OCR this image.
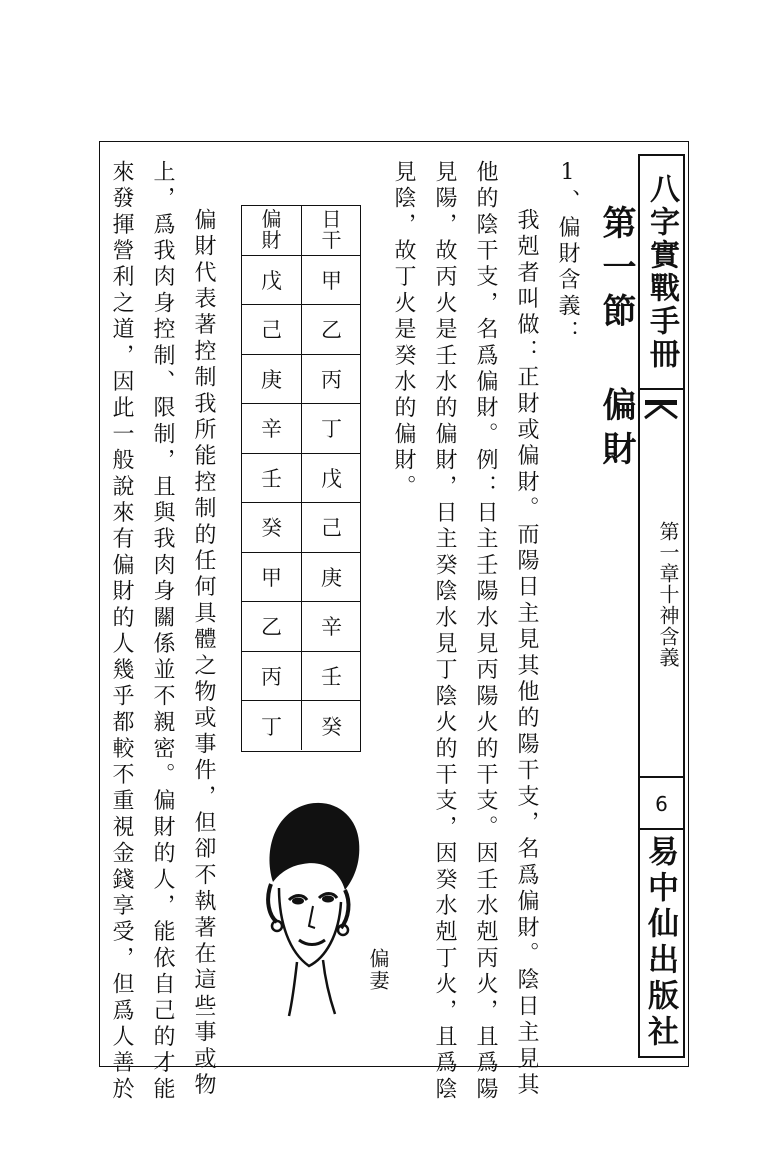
八字實戰手冊
第一章十神含義
6
易中仙出版社
第一節 偏財
1、偏財含義：
我剋者叫做：正財或偏財。而陽日主見其他的陽干支，名爲偏財。陰日主見其
他的陰干支，名爲偏財。例：日主壬陽水見丙陽火的干支。因壬水剋丙火，且爲陽
見陽，故丙火是壬水的偏財，日主癸陰水見丁陰火的干支，因癸水剋丁火，且爲陰
見陰，故丁火是癸水的偏財。
日
干
甲
乙
丙
丁
戊
己
庚
辛
壬
癸
偏
財
戊
己
庚
辛
壬
癸
甲
乙
丙
丁
偏妻
偏財代表著控制我所能控制的任何具體之物或事件，但卻不執著在這些事或物
上，爲我肉身控制、限制，且與我肉身關係並不親密。偏財的人，能依自己的才能
來發揮營利之道，因此一般說來有偏財的人幾乎都較不重視金錢享受，但爲人善於
